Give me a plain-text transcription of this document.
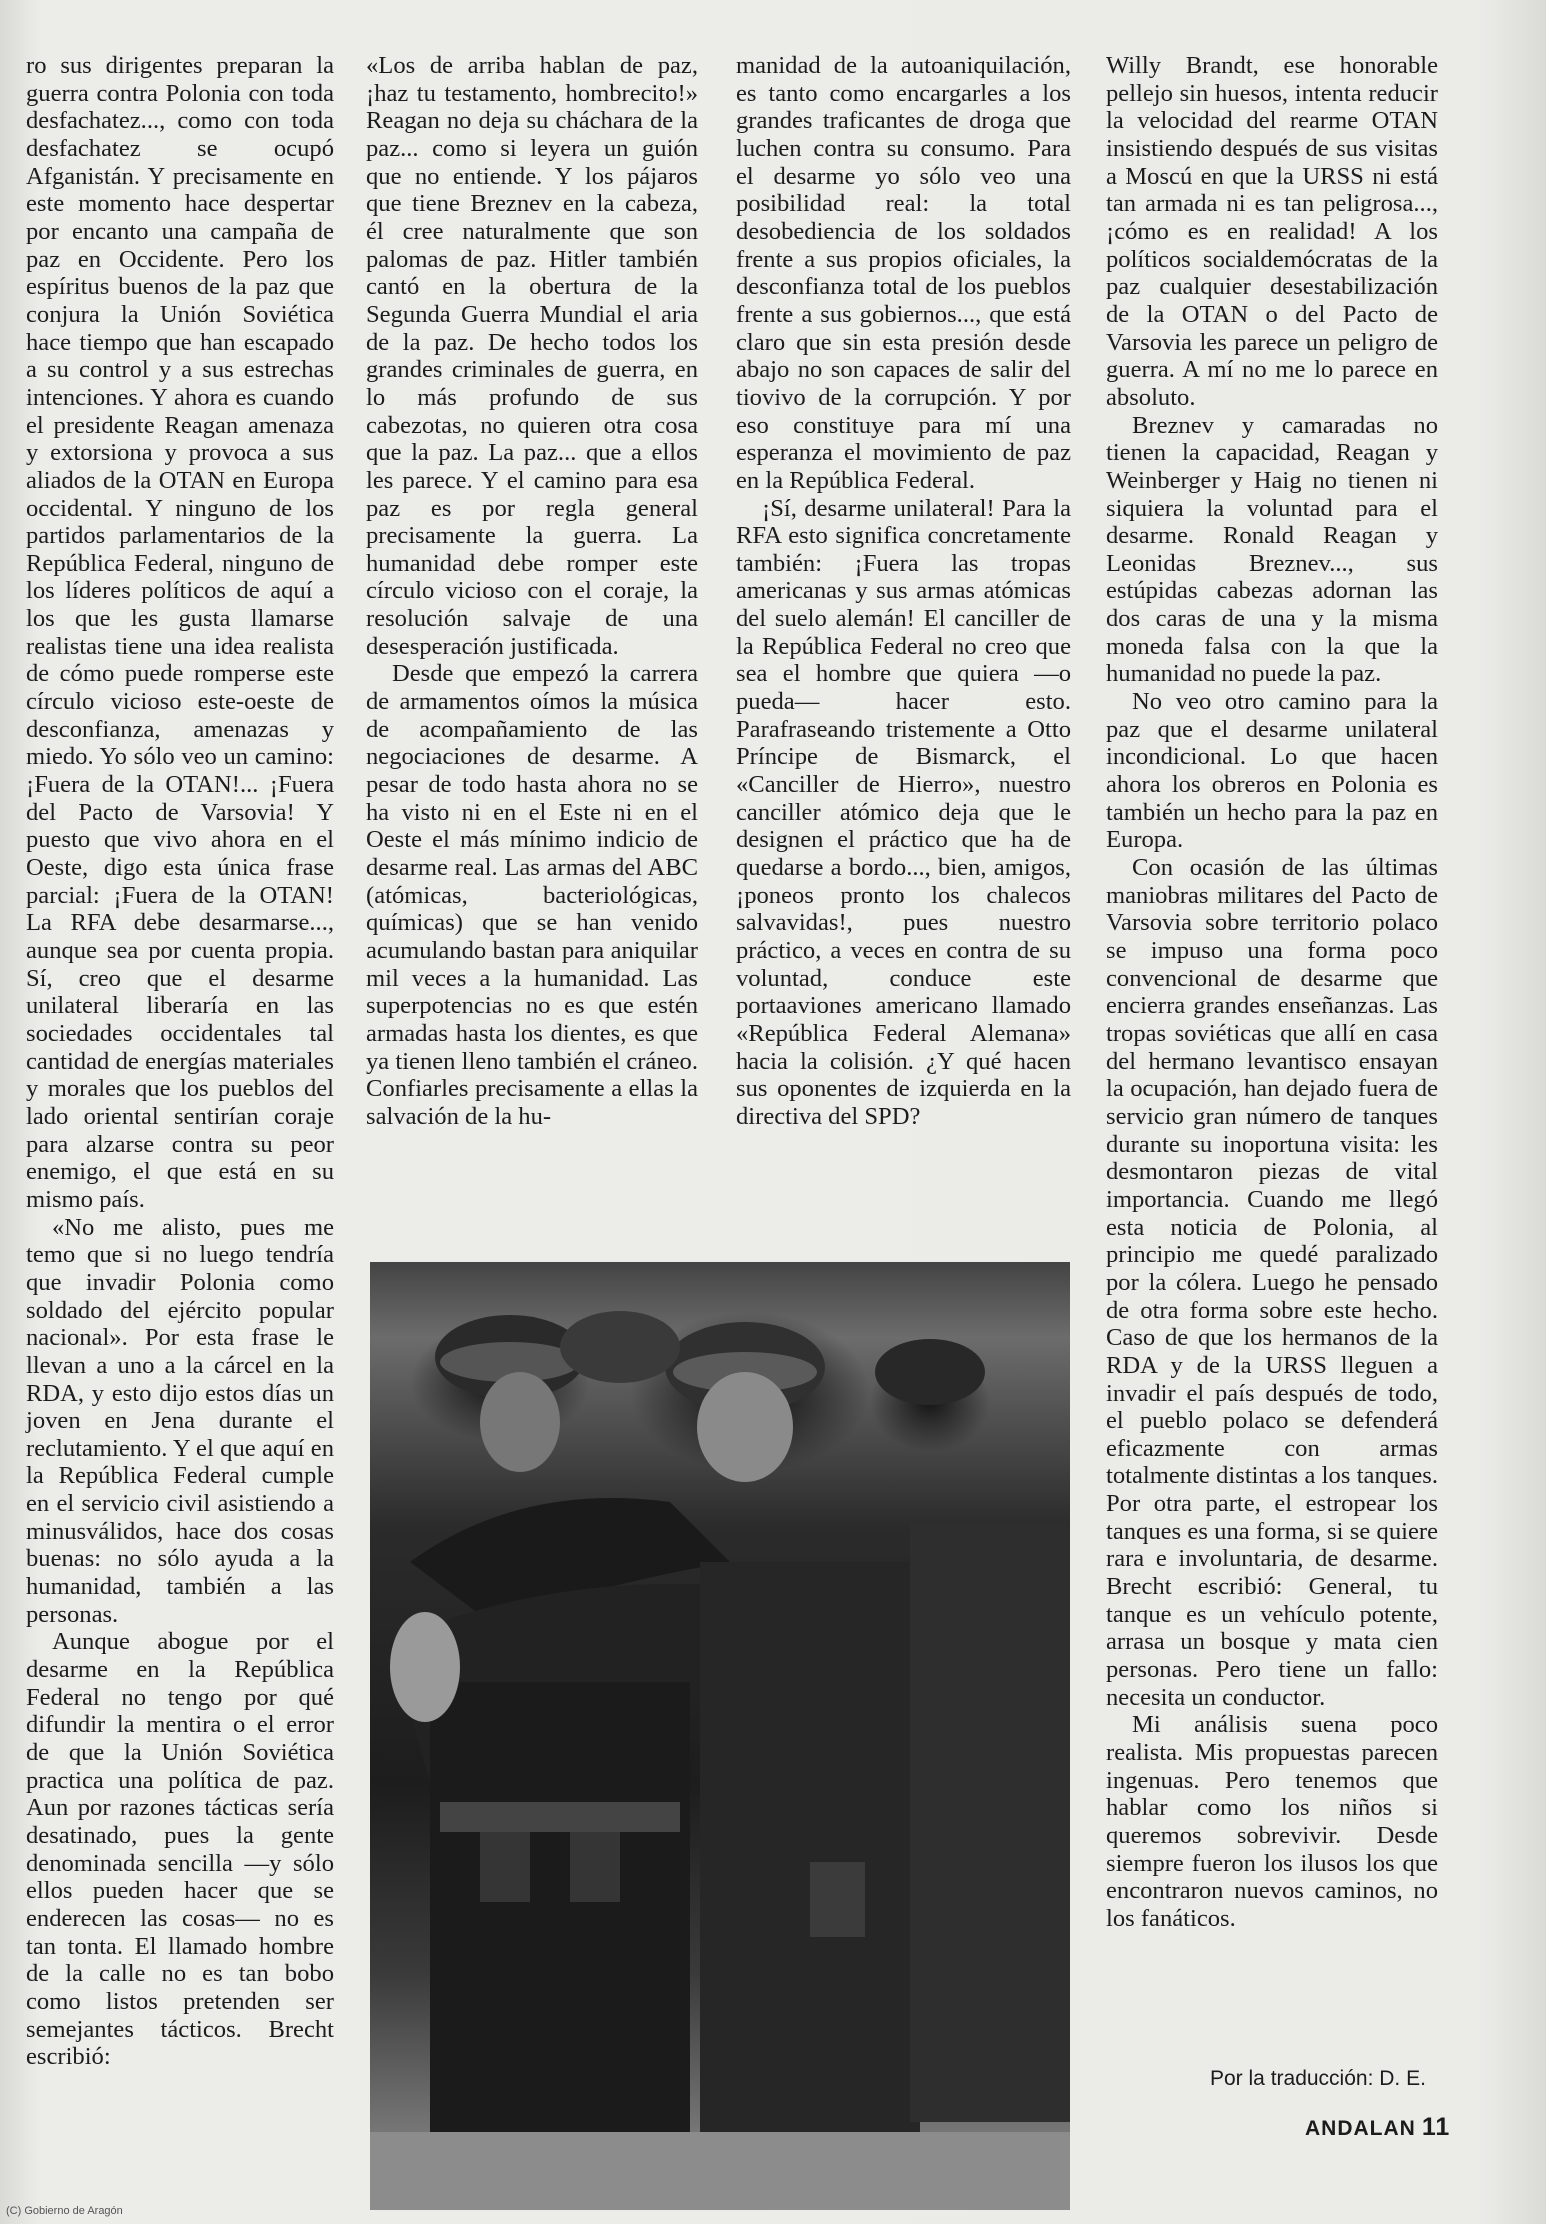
ro sus dirigentes preparan la guerra contra Polonia con toda desfachatez..., como con toda desfachatez se ocupó Afganistán. Y precisamente en este momento hace despertar por encanto una campaña de paz en Occidente. Pero los espíritus buenos de la paz que conjura la Unión Soviética hace tiempo que han escapado a su control y a sus estrechas intenciones. Y ahora es cuando el presidente Reagan amenaza y extorsiona y provoca a sus aliados de la OTAN en Europa occidental. Y ninguno de los partidos parlamentarios de la República Federal, ninguno de los líderes políticos de aquí a los que les gusta llamarse realistas tiene una idea realista de cómo puede romperse este círculo vicioso este-oeste de desconfianza, amenazas y miedo. Yo sólo veo un camino: ¡Fuera de la OTAN!... ¡Fuera del Pacto de Varsovia! Y puesto que vivo ahora en el Oeste, digo esta única frase parcial: ¡Fuera de la OTAN! La RFA debe desarmarse..., aunque sea por cuenta propia. Sí, creo que el desarme unilateral liberaría en las sociedades occidentales tal cantidad de energías materiales y morales que los pueblos del lado oriental sentirían coraje para alzarse contra su peor enemigo, el que está en su mismo país.

«No me alisto, pues me temo que si no luego tendría que invadir Polonia como soldado del ejército popular nacional». Por esta frase le llevan a uno a la cárcel en la RDA, y esto dijo estos días un joven en Jena durante el reclutamiento. Y el que aquí en la República Federal cumple en el servicio civil asistiendo a minusválidos, hace dos cosas buenas: no sólo ayuda a la humanidad, también a las personas.

Aunque abogue por el desarme en la República Federal no tengo por qué difundir la mentira o el error de que la Unión Soviética practica una política de paz. Aun por razones tácticas sería desatinado, pues la gente denominada sencilla —y sólo ellos pueden hacer que se enderecen las cosas— no es tan tonta. El llamado hombre de la calle no es tan bobo como listos pretenden ser semejantes tácticos. Brecht escribió:

«Los de arriba hablan de paz, ¡haz tu testamento, hombrecito!» Reagan no deja su cháchara de la paz... como si leyera un guión que no entiende. Y los pájaros que tiene Breznev en la cabeza, él cree naturalmente que son palomas de paz. Hitler también cantó en la obertura de la Segunda Guerra Mundial el aria de la paz. De hecho todos los grandes criminales de guerra, en lo más profundo de sus cabezotas, no quieren otra cosa que la paz. La paz... que a ellos les parece. Y el camino para esa paz es por regla general precisamente la guerra. La humanidad debe romper este círculo vicioso con el coraje, la resolución salvaje de una desesperación justificada.

Desde que empezó la carrera de armamentos oímos la música de acompañamiento de las negociaciones de desarme. A pesar de todo hasta ahora no se ha visto ni en el Este ni en el Oeste el más mínimo indicio de desarme real. Las armas del ABC (atómicas, bacteriológicas, químicas) que se han venido acumulando bastan para aniquilar mil veces a la humanidad. Las superpotencias no es que estén armadas hasta los dientes, es que ya tienen lleno también el cráneo. Confiarles precisamente a ellas la salvación de la hu-

manidad de la autoaniquilación, es tanto como encargarles a los grandes traficantes de droga que luchen contra su consumo. Para el desarme yo sólo veo una posibilidad real: la total desobediencia de los soldados frente a sus propios oficiales, la desconfianza total de los pueblos frente a sus gobiernos..., que está claro que sin esta presión desde abajo no son capaces de salir del tiovivo de la corrupción. Y por eso constituye para mí una esperanza el movimiento de paz en la República Federal.

¡Sí, desarme unilateral! Para la RFA esto significa concretamente también: ¡Fuera las tropas americanas y sus armas atómicas del suelo alemán! El canciller de la República Federal no creo que sea el hombre que quiera —o pueda— hacer esto. Parafraseando tristemente a Otto Príncipe de Bismarck, el «Canciller de Hierro», nuestro canciller atómico deja que le designen el práctico que ha de quedarse a bordo..., bien, amigos, ¡poneos pronto los chalecos salvavidas!, pues nuestro práctico, a veces en contra de su voluntad, conduce este portaaviones americano llamado «República Federal Alemana» hacia la colisión. ¿Y qué hacen sus oponentes de izquierda en la directiva del SPD?

Willy Brandt, ese honorable pellejo sin huesos, intenta reducir la velocidad del rearme OTAN insistiendo después de sus visitas a Moscú en que la URSS ni está tan armada ni es tan peligrosa..., ¡cómo es en realidad! A los políticos socialdemócratas de la paz cualquier desestabilización de la OTAN o del Pacto de Varsovia les parece un peligro de guerra. A mí no me lo parece en absoluto.

Breznev y camaradas no tienen la capacidad, Reagan y Weinberger y Haig no tienen ni siquiera la voluntad para el desarme. Ronald Reagan y Leonidas Breznev..., sus estúpidas cabezas adornan las dos caras de una y la misma moneda falsa con la que la humanidad no puede la paz.

No veo otro camino para la paz que el desarme unilateral incondicional. Lo que hacen ahora los obreros en Polonia es también un hecho para la paz en Europa.

Con ocasión de las últimas maniobras militares del Pacto de Varsovia sobre territorio polaco se impuso una forma poco convencional de desarme que encierra grandes enseñanzas. Las tropas soviéticas que allí en casa del hermano levantisco ensayan la ocupación, han dejado fuera de servicio gran número de tanques durante su inoportuna visita: les desmontaron piezas de vital importancia. Cuando me llegó esta noticia de Polonia, al principio me quedé paralizado por la cólera. Luego he pensado de otra forma sobre este hecho. Caso de que los hermanos de la RDA y de la URSS lleguen a invadir el país después de todo, el pueblo polaco se defenderá eficazmente con armas totalmente distintas a los tanques. Por otra parte, el estropear los tanques es una forma, si se quiere rara e involuntaria, de desarme. Brecht escribió: General, tu tanque es un vehículo potente, arrasa un bosque y mata cien personas. Pero tiene un fallo: necesita un conductor.

Mi análisis suena poco realista. Mis propuestas parecen ingenuas. Pero tenemos que hablar como los niños si queremos sobrevivir. Desde siempre fueron los ilusos los que encontraron nuevos caminos, no los fanáticos.

Por la traducción: D. E.
ANDALAN 11
(C) Gobierno de Aragón
